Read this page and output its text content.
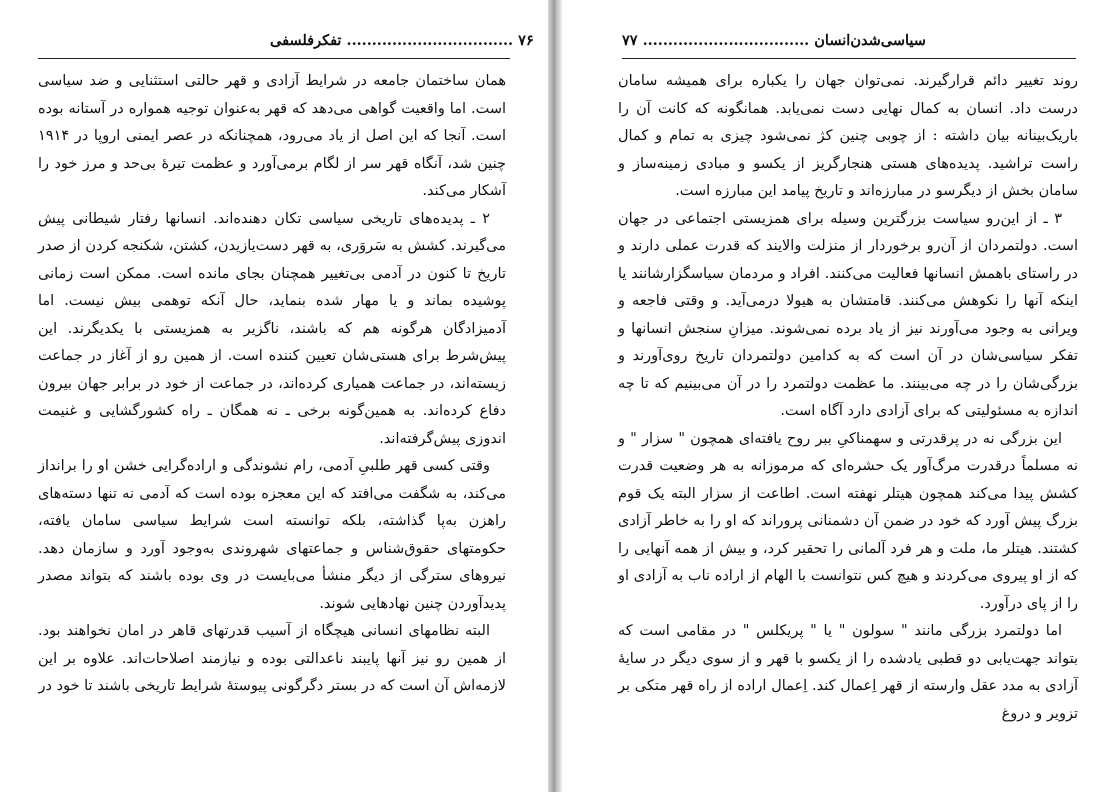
۷۶ ................................. تفکرفلسفی

همان ساختمان جامعه در شرایط آزادی و قهر حالتی استثنایی و ضد سیاسی است. اما واقعیت گواهی می‌دهد که قهر به‌عنوان توجیه همواره در آستانه بوده است. آنجا که این اصل از یاد می‌رود، همچنانکه در عصر ایمنی اروپا در ۱۹۱۴ چنین شد، آنگاه قهر سر از لگام برمی‌آورد و عظمت تیرهٔ بی‌حد و مرز خود را آشکار می‌کند.

۲ ـ پدیده‌های تاریخی سیاسی تکان دهنده‌اند. انسانها رفتار شیطانی پیش می‌گیرند. کشش به سَروَری، به قهر دست‌یازیدن، کشتن، شکنجه کردن از صدر تاریخ تا کنون در آدمی بی‌تغییر همچنان بجای مانده است. ممکن است زمانی پوشیده بماند و یا مهار شده بنماید، حال آنکه توهمی بیش نیست. اما آدمیزادگان هرگونه هم که باشند، ناگزیر به همزیستی با یکدیگرند. این پیش‌شرط برای هستی‌شان تعیین کننده است. از همین رو از آغاز در جماعت زیسته‌اند، در جماعت همیاری کرده‌اند، در جماعت از خود در برابر جهان بیرون دفاع کرده‌اند. به همین‌گونه برخی ـ نه همگان ـ راه کشورگشایی و غنیمت اندوزی پیش‌گرفته‌اند.

وقتی کسی قهر طلبیِ آدمی، رام نشوندگی و اراده‌گرایی خشن او را برانداز می‌کند، به شگفت می‌افتد که این معجزه بوده است که آدمی نه تنها دسته‌های راهزن به‌پا گذاشته، بلکه توانسته است شرایط سیاسی سامان یافته، حکومتهای حقوق‌شناس و جماعتهای شهروندی به‌وجود آورد و سازمان دهد. نیروهای سترگی از دیگر منشأ می‌بایست در وی بوده باشند که بتواند مصدر پدیدآوردن چنین نهادهایی شوند.

البته نظامهای انسانی هیچگاه از آسیب قدرتهای قاهر در امان نخواهند بود. از همین رو نیز آنها پایبند ناعدالتی بوده و نیازمند اصلاحات‌اند. علاوه بر این لازمه‌اش آن است که در بستر دگرگونی پیوستهٔ شرایط تاریخی باشند تا خود در

سیاسی‌شدن‌انسان ................................. ۷۷

روند تغییر دائم قرارگیرند. نمی‌توان جهان را یکباره برای همیشه سامان درست داد. انسان به کمال نهایی دست نمی‌یابد. همانگونه که کانت آن را باریک‌بینانه بیان داشته : از چوبی چنین کژ نمی‌شود چیزی به تمام و کمال راست تراشید. پدیده‌های هستی هنجارگریز از یکسو و مبادی زمینه‌ساز و سامان بخش از دیگرسو در مبارزه‌اند و تاریخ پیامد این مبارزه است.

۳ ـ از این‌رو سیاست بزرگترین وسیله برای همزیستی اجتماعی در جهان است. دولتمردان از آن‌رو برخوردار از منزلت والایند که قدرت عملی دارند و در راستای باهمش انسانها فعالیت می‌کنند. افراد و مردمان سیاسگزارشانند یا اینکه آنها را نکوهش می‌کنند. قامتشان به هیولا درمی‌آید. و وقتی فاجعه و ویرانی به وجود می‌آورند نیز از یاد برده نمی‌شوند. میزانِ سنجش انسانها و تفکر سیاسی‌شان در آن است که به کدامین دولتمردان تاریخ روی‌آورند و بزرگی‌شان را در چه می‌بینند. ما عظمت دولتمرد را در آن می‌بینیم که تا چه اندازه به مسئولیتی که برای آزادی دارد آگاه است.

این بزرگی نه در پرقدرتی و سهمناکیِ ببر روح یافته‌ای همچون " سزار " و نه مسلماً درقدرت مرگ‌آور یک حشره‌ای که مرموزانه به هر وضعیت قدرت کشش پیدا می‌کند همچون هیتلر نهفته است. اطاعت از سزار البته یک قوم بزرگ پیش آورد که خود در ضمن آن دشمنانی پروراند که او را به خاطر آزادی کشتند. هیتلر ما، ملت و هر فرد آلمانی را تحقیر کرد، و بیش از همه آنهایی را که از او پیروی می‌کردند و هیچ کس نتوانست با الهام از اراده ناب به آزادی او را از پای درآورد.

اما دولتمرد بزرگی مانند " سولون " یا " پریکلس " در مقامی است که بتواند جهت‌یابی دو قطبی یادشده را از یکسو با قهر و از سوی دیگر در سایهٔ آزادی به مدد عقل وارسته از قهر اِعمال کند. اِعمال اراده از راه قهر متکی بر تزویر و دروغ
